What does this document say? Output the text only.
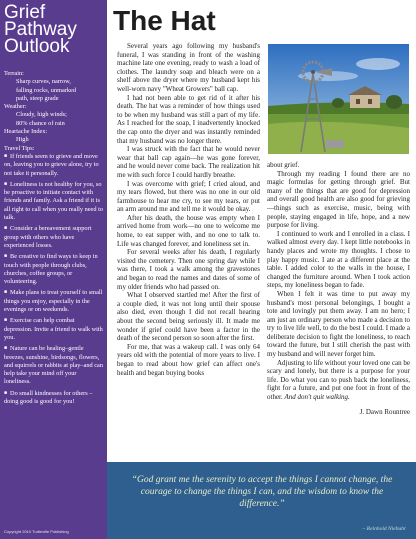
Grief
Pathway
Outlook
Terrain:
Sharp curves, narrow,
falling rocks, unmarked
path, steep grade
Weather:
Cloudy, high winds;
80% chance of rain
Heartache Index:
High
Travel Tips:
■ If friends seem to grieve and move on, leaving you to grieve alone, try to not take it personally.
■ Loneliness is not healthy for you, so be proactive to initiate contact with friends and family. Ask a friend if it is all right to call when you really need to talk.
■ Consider a bereavement support group with others who have experienced losses.
■ Be creative to find ways to keep in touch with people through clubs, churches, coffee groups, or volunteering.
■ Make plans to treat yourself to small things you enjoy, especially in the evenings or on weekends.
■ Exercise can help combat depression. Invite a friend to walk with you.
■ Nature can be healing–gentle breezes, sunshine, birdsongs, flowers, and squirrels or rabbits at play–and can help take your mind off your loneliness.
■ Do small kindnesses for others – doing good is good for you!
Copyright 2010 Turtleville Publishing
The Hat

Several years ago following my husband's funeral, I was standing in front of the washing machine late one evening, ready to wash a load of clothes. The laundry soap and bleach were on a shelf above the dryer where my husband kept his well-worn navy "Wheat Growers" ball cap.

I had not been able to get rid of it after his death. The hat was a reminder of how things used to be when my husband was still a part of my life. As I reached for the soap, I inadvertently knocked the cap onto the dryer and was instantly reminded that my husband was no longer there.

I was struck with the fact that he would never wear that ball cap again—he was gone forever, and he would never come back. The realization hit me with such force I could hardly breathe.

I was overcome with grief; I cried aloud, and my tears flowed, but there was no one in our old farmhouse to hear me cry, to see my tears, or put an arm around me and tell me it would be okay.

After his death, the house was empty when I arrived home from work—no one to welcome me home, to eat supper with, and no one to talk to. Life was changed forever, and loneliness set in.

For several weeks after his death, I regularly visited the cemetery. Then one spring day while I was there, I took a walk among the gravestones and began to read the names and dates of some of my older friends who had passed on.

What I observed startled me! After the first of a couple died, it was not long until their spouse also died, even though I did not recall hearing about the second being seriously ill. It made me wonder if grief could have been a factor in the death of the second person so soon after the first.

For me, that was a wakeup call. I was only 64 years old with the potential of more years to live. I began to read about how grief can affect one's health and began buying books

about grief.

Through my reading I found there are no magic formulas for getting through grief. But many of the things that are good for depression and overall good health are also good for grieving—things such as exercise, music, being with people, staying engaged in life, hope, and a new purpose for living.

I continued to work and I enrolled in a class. I walked almost every day. I kept little notebooks in handy places and wrote my thoughts. I chose to play happy music. I ate at a different place at the table. I added color to the walls in the house, I changed the furniture around. When I took action steps, my loneliness began to fade.

When I felt it was time to put away my husband's most personal belongings, I bought a tote and lovingly put them away. I am no hero; I am just an ordinary person who made a decision to try to live life well, to do the best I could. I made a deliberate decision to fight the loneliness, to reach toward the future, but I still cherish the past with my husband and will never forget him.

Adjusting to life without your loved one can be scary and lonely, but there is a purpose for your life. Do what you can to push back the loneliness, fight for a future, and put one foot in front of the other. And don't quit walking.

J. Dawn Rountree

“God grant me the serenity to accept the things I cannot change, the courage to change the things I can, and the wisdom to know the difference.”

– Reinhold Niebuhr
